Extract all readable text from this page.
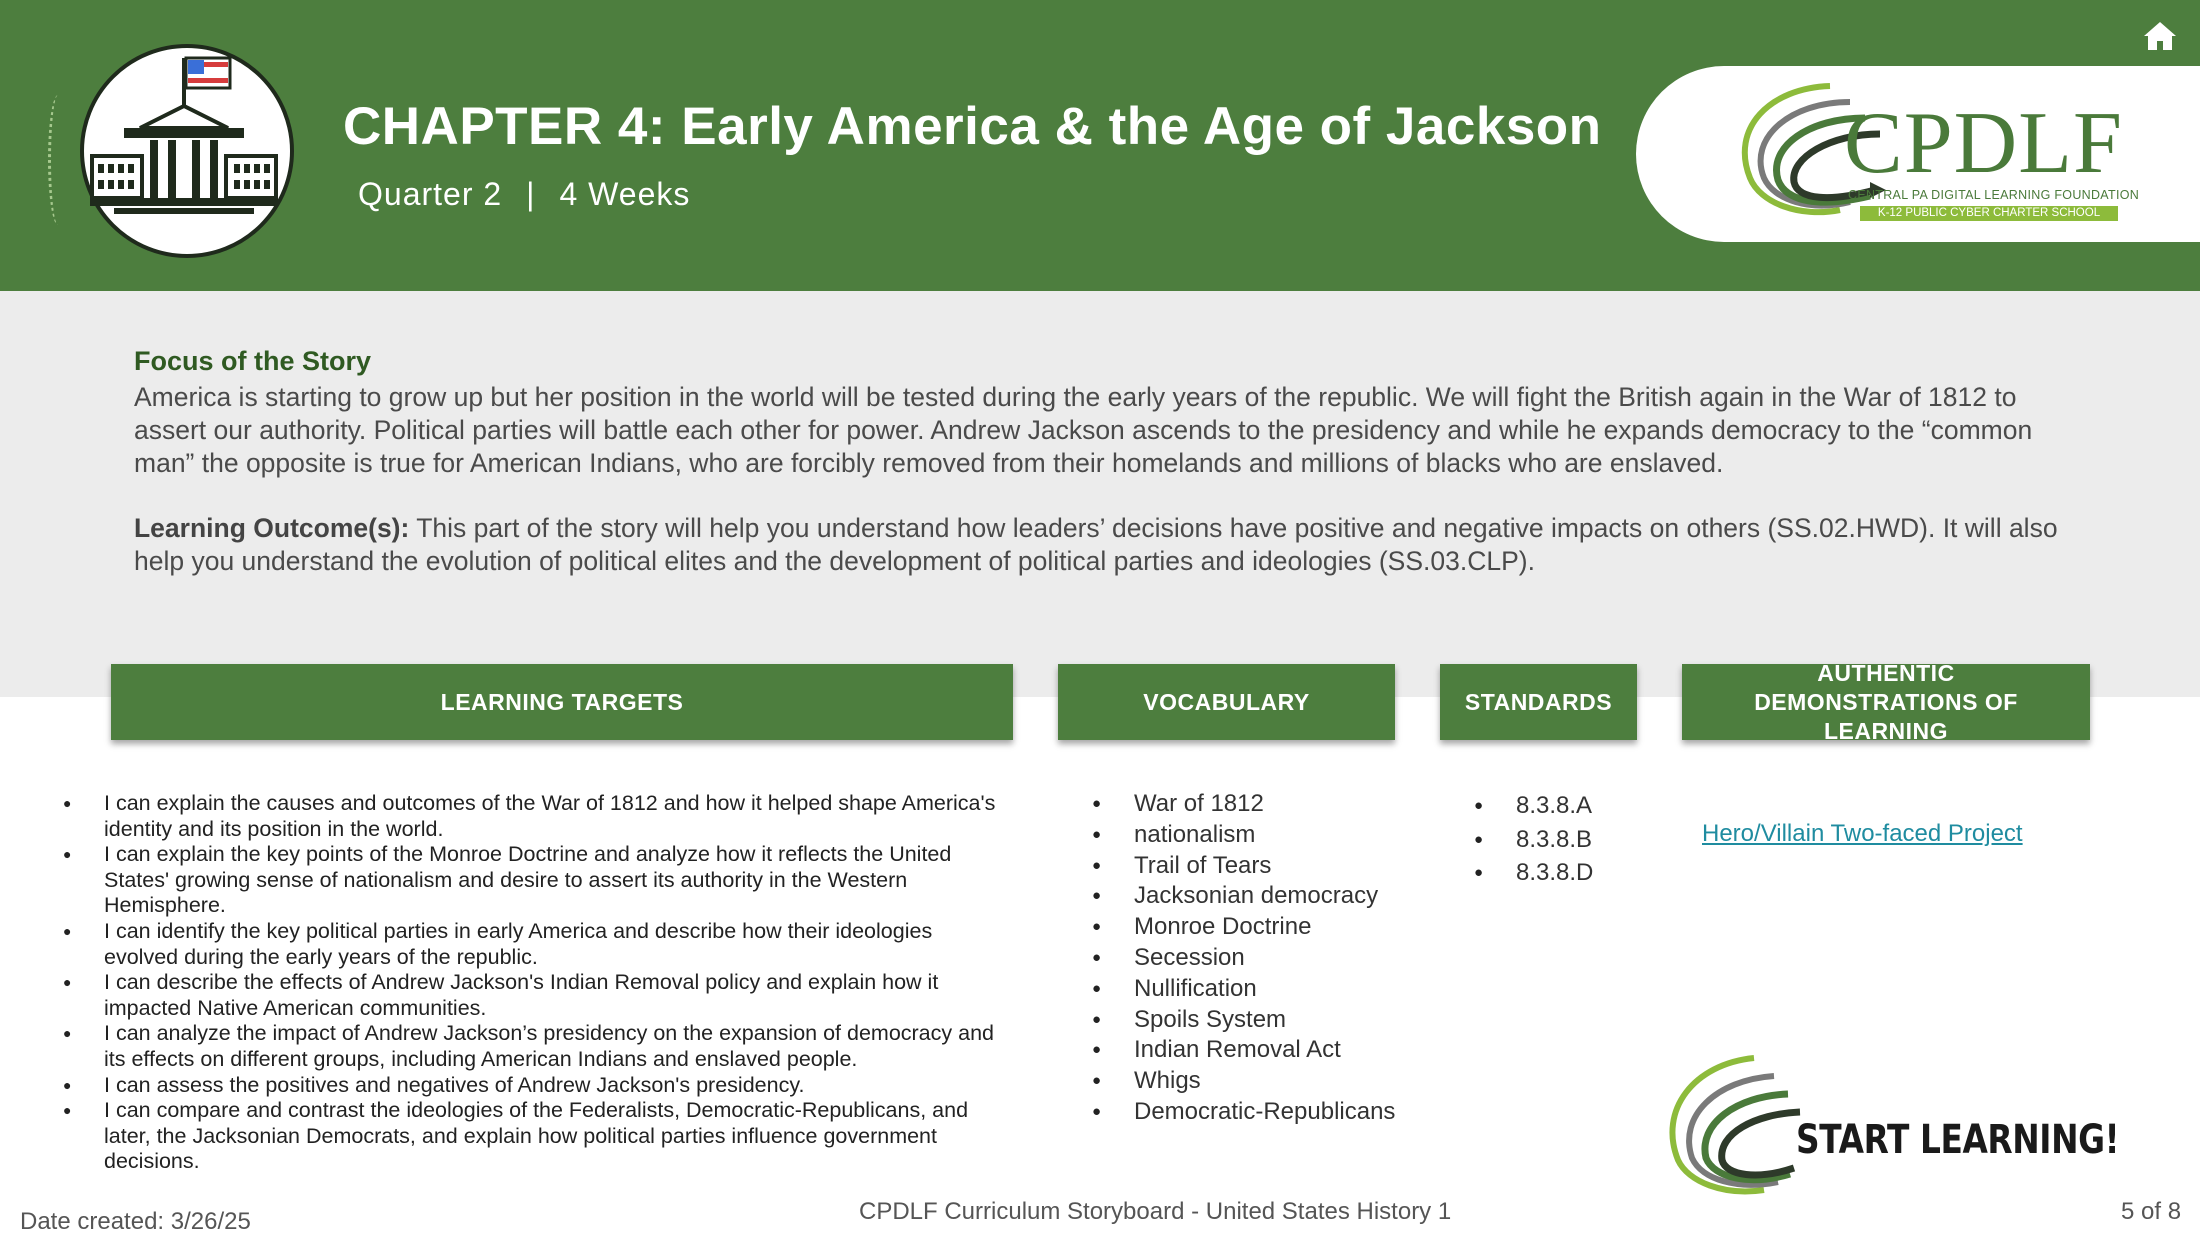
CHAPTER 4: Early America & the Age of Jackson
Quarter 2 | 4 Weeks
CPDLF
CENTRAL PA DIGITAL LEARNING FOUNDATION
K-12 PUBLIC CYBER CHARTER SCHOOL
Focus of the Story
America is starting to grow up but her position in the world will be tested during the early years of the republic. We will fight the British again in the War of 1812 to assert our authority. Political parties will battle each other for power. Andrew Jackson ascends to the presidency and while he expands democracy to the “common man” the opposite is true for American Indians, who are forcibly removed from their homelands and millions of blacks who are enslaved.
Learning Outcome(s): This part of the story will help you understand how leaders’ decisions have positive and negative impacts on others (SS.02.HWD). It will also help you understand the evolution of political elites and the development of political parties and ideologies (SS.03.CLP).
LEARNING TARGETS	VOCABULARY	STANDARDS
AUTHENTIC DEMONSTRATIONS OF LEARNING
● I can explain the causes and outcomes of the War of 1812 and how it helped shape America's identity and its position in the world.
● I can explain the key points of the Monroe Doctrine and analyze how it reflects the United States' growing sense of nationalism and desire to assert its authority in the Western Hemisphere.
● I can identify the key political parties in early America and describe how their ideologies evolved during the early years of the republic.
● I can describe the effects of Andrew Jackson's Indian Removal policy and explain how it impacted Native American communities.
● I can analyze the impact of Andrew Jackson’s presidency on the expansion of democracy and its effects on different groups, including American Indians and enslaved people.
● I can assess the positives and negatives of Andrew Jackson's presidency.
● I can compare and contrast the ideologies of the Federalists, Democratic-Republicans, and later, the Jacksonian Democrats, and explain how political parties influence government decisions.
● War of 1812
● nationalism
● Trail of Tears
● Jacksonian democracy
● Monroe Doctrine
● Secession
● Nullification
● Spoils System
● Indian Removal Act
● Whigs
● Democratic-Republicans
● 8.3.8.A
● 8.3.8.B
● 8.3.8.D
Hero/Villain Two-faced Project
START LEARNING!
Date created: 3/26/25	CPDLF Curriculum Storyboard - United States History 1	5 of 8
